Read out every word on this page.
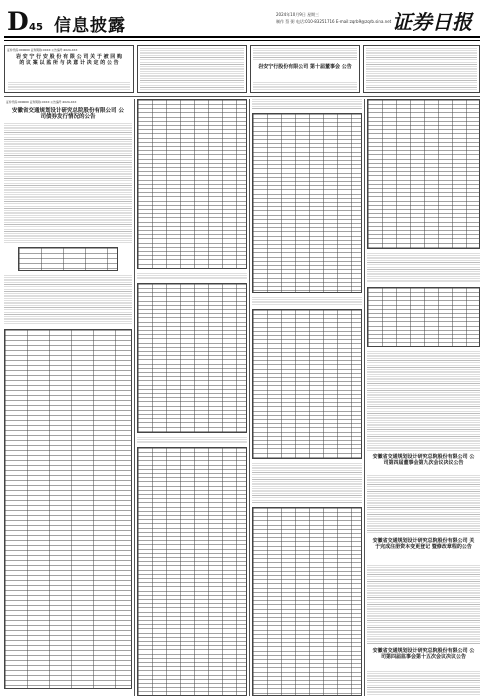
D 45 信息披露
2024年10月9日 星期三
制作 蔡 弼 电话:010-83251716 E-mail:zqrb9@zqrb.sina.net 证券日报
证券代码:000000 证券简称:XXXX 公告编号:2024-XXX
岩 安 宁 行 安 股 份 有 限 公 司 关 于 被 回 购 的 议 案 以 监 所 与 决 意 计 决 定 的 公 告
岩安宁行股份有限公司 第十届董事会 公告
证券代码:000000 证券简称:XXXX 公告编号:2024-XXX
安徽省交通规划设计研究总院股份有限公司 公司债券发行情况的公告
安徽省交通规划设计研究总院股份有限公司 公司第四届董事会第九次会议决议公告
安徽省交通规划设计研究总院股份有限公司 关于完成注册资本变更登记 暨修改章程的公告
安徽省交通规划设计研究总院股份有限公司 公司第四届监事会第十五次会议决议公告
